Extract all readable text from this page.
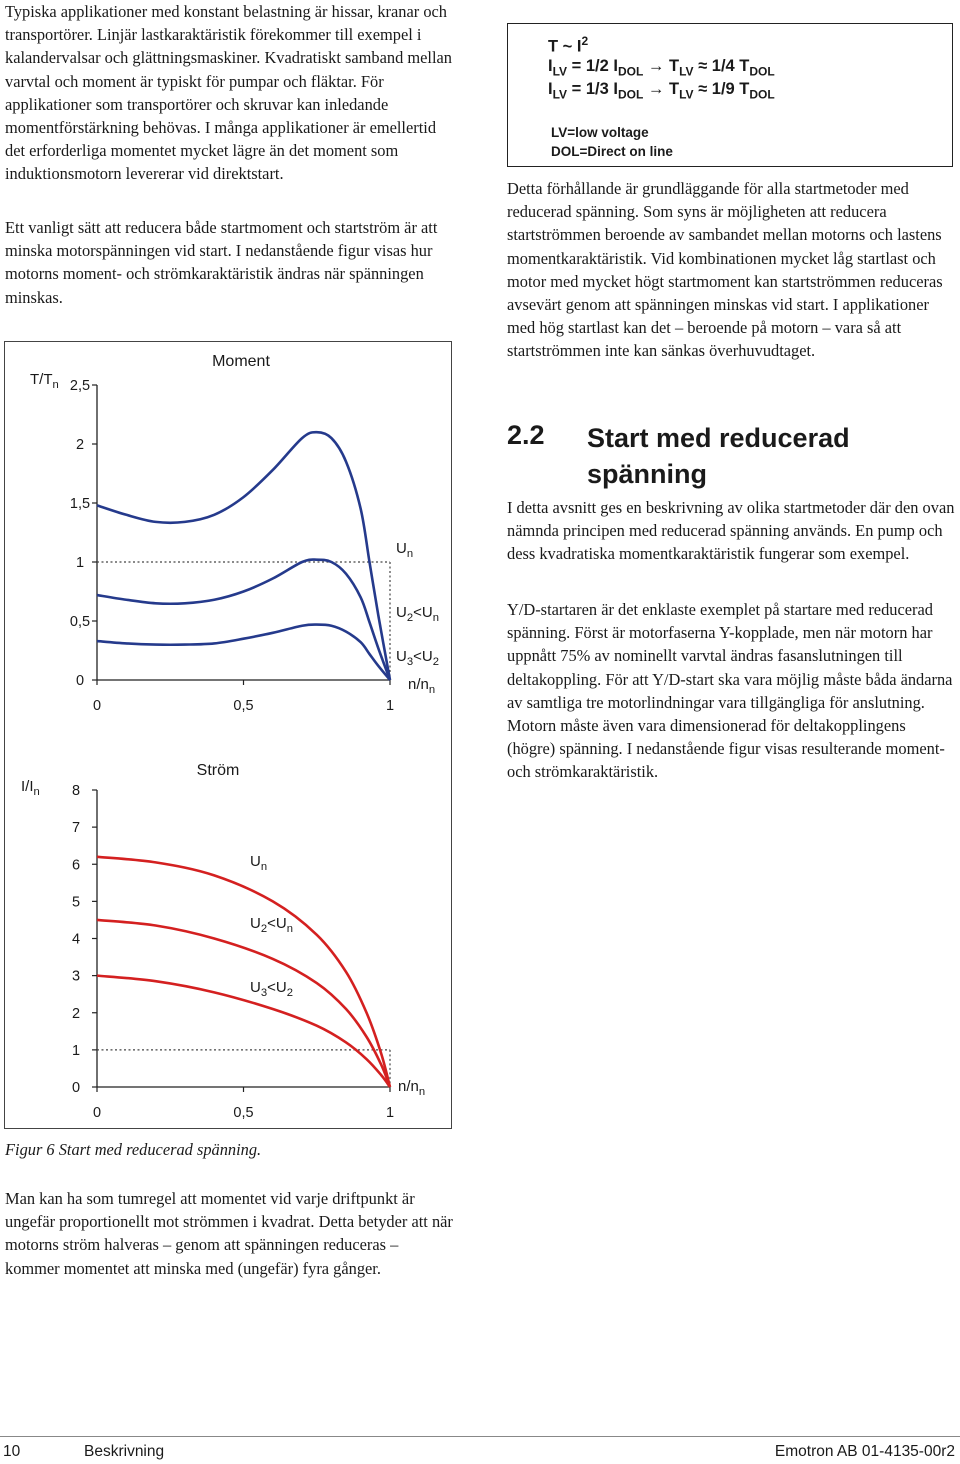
Typiska applikationer med konstant belastning är hissar, kranar och transportörer. Linjär lastkaraktäristik förekommer till exempel i kalandervalsar och glättningsmaskiner. Kvadratiskt samband mellan varvtal och moment är typiskt för pumpar och fläktar. För applikationer som transportörer och skruvar kan inledande momentförstärkning behövas. I många applikationer är emellertid det erforderliga momentet mycket lägre än det moment som induktionsmotorn levererar vid direktstart.

Ett vanligt sätt att reducera både startmoment och startström är att minska motorspänningen vid start. I nedanstående figur visas hur motorns moment- och strömkaraktäristik ändras när spänningen minskas.

T ~ $I^2$
$I_{LV} = 1/2$ $I_{DOL} \to T_{LV} \approx 1/4$ $T_{DOL}$
$I_{LV} = 1/3$ $I_{DOL} \to T_{LV} \approx 1/9$ $T_{DOL}$
LV=low voltage
DOL=Direct on line

Detta förhållande är grundläggande för alla startmetoder med reducerad spänning. Som syns är möjligheten att reducera startströmmen beroende av sambandet mellan motorns och lastens momentkaraktäristik. Vid kombinationen mycket låg startlast och motor med mycket högt startmoment kan startströmmen reduceras avsevärt genom att spänningen minskas vid start. I applikationer med hög startlast kan det – beroende på motorn – vara så att startströmmen inte kan sänkas överhuvudtaget.

2.2 Start med reducerad spänning

I detta avsnitt ges en beskrivning av olika startmetoder där den ovan nämnda principen med reducerad spänning används. En pump och dess kvadratiska momentkaraktäristik fungerar som exempel.

Y/D-startaren är det enklaste exemplet på startare med reducerad spänning. Först är motorfaserna Y-kopplade, men när motorn har uppnått 75% av nominellt varvtal ändras fasanslutningen till deltakoppling. För att Y/D-start ska vara möjlig måste båda ändarna av samtliga tre motorlindningar vara tillgängliga för anslutning. Motorn måste även vara dimensionerad för deltakopplingens (högre) spänning. I nedanstående figur visas resulterande moment- och strömkaraktäristik.

Moment
$T/T_n$
$n/n_n$
2,5
2
1,5
1
0,5
0
0	0,5	1
$U_n$
$U_2<U_n$
$U_3<U_2$
Ström
$I/I_n$
$n/n_n$
8
7
6
5
4
3
2
1
0
0	0,5	1
$U_n$
$U_2<U_n$
$U_3<U_2$
Figur 6 Start med reducerad spänning.

Man kan ha som tumregel att momentet vid varje driftpunkt är ungefär proportionellt mot strömmen i kvadrat. Detta betyder att när motorns ström halveras – genom att spänningen reduceras – kommer momentet att minska med (ungefär) fyra gånger.

10	Beskrivning	Emotron AB 01-4135-00r2
